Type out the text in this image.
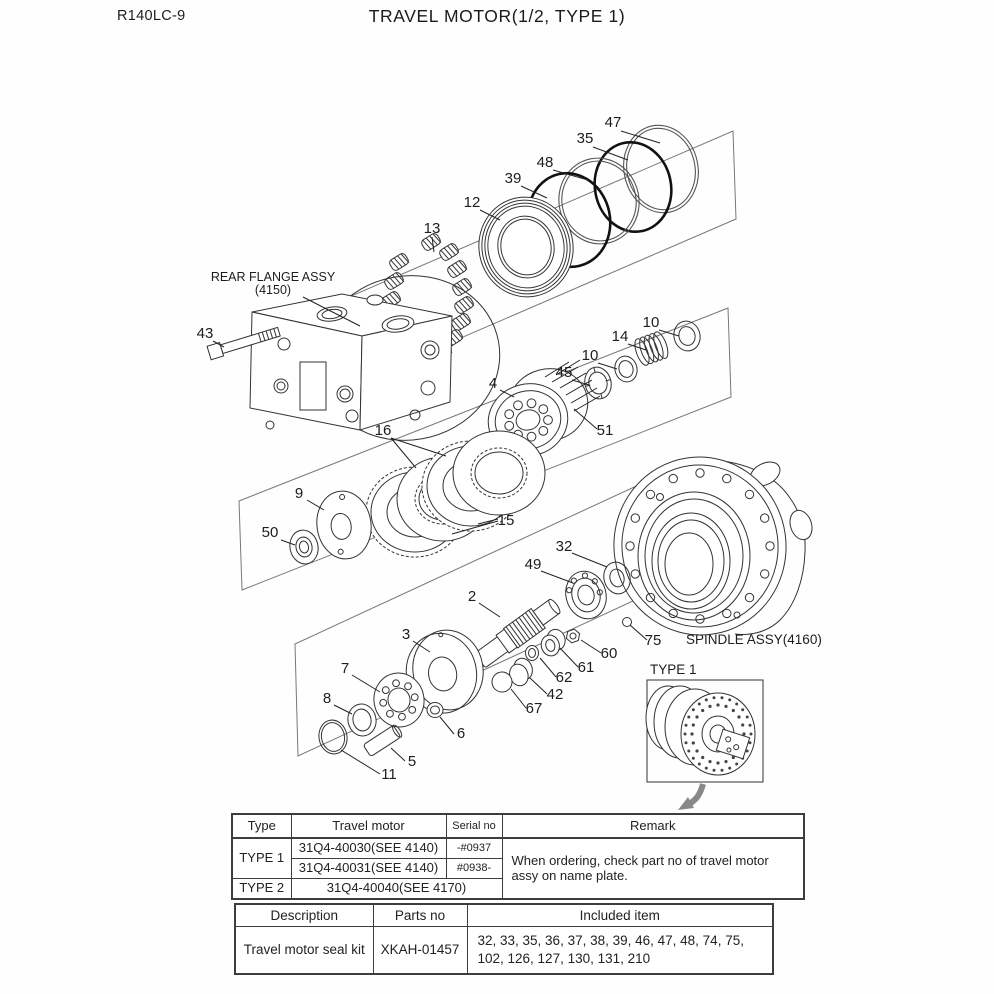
R140LC-9	TRAVEL MOTOR(1/2, TYPE 1)
47
35
48
39
12
13
43
10
14
10
45
4
51
16
15
9
50
32
49
2
3
7
8
6
5
11
75
60
61
62
42
67
REAR FLANGE ASSY
(4150)
SPINDLE ASSY(4160)
TYPE 1
Type	Travel motor	Serial no	Remark
TYPE 1	31Q4-40030(SEE 4140)	-#0937	When ordering, check part no of travel motor assy on name plate.
	31Q4-40031(SEE 4140)	#0938-	
TYPE 2	31Q4-40040(SEE 4170)		
Description	Parts no	Included item
Travel motor seal kit	XKAH-01457	32, 33, 35, 36, 37, 38, 39, 46, 47, 48, 74, 75, 102, 126, 127, 130, 131, 210
